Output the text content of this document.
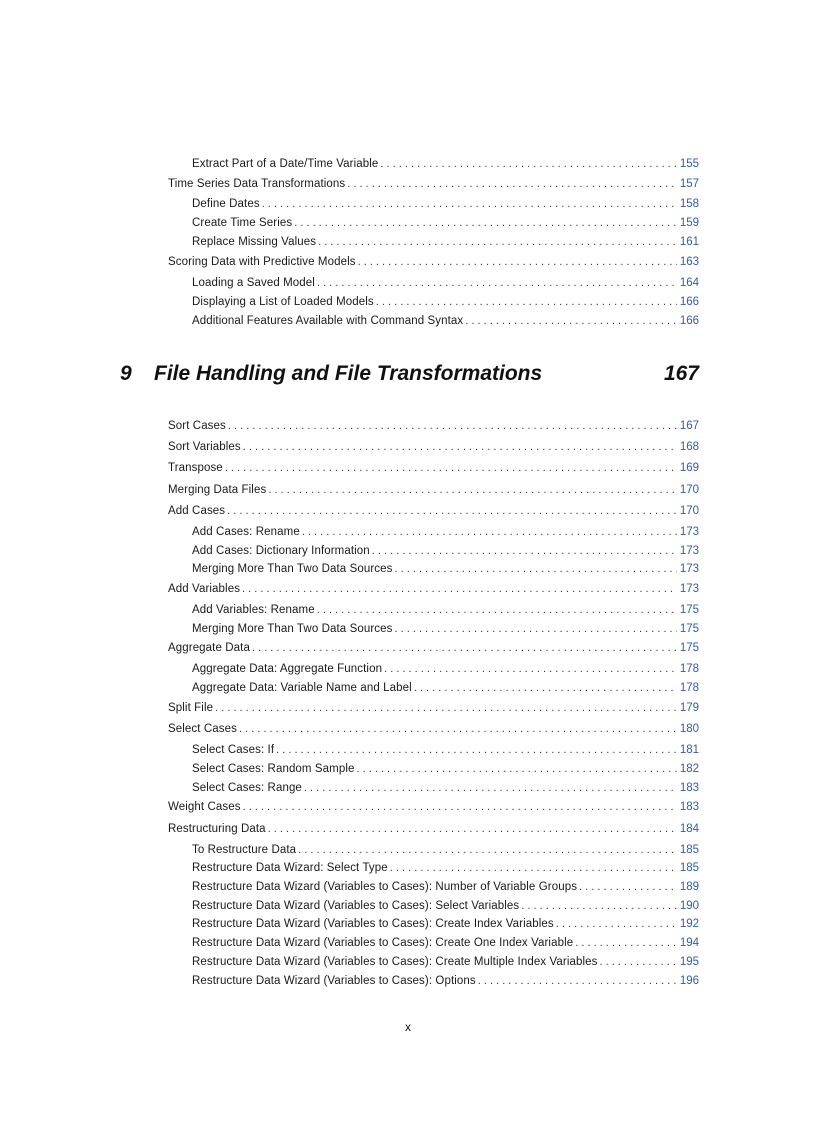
Extract Part of a Date/Time Variable . . .	155
Time Series Data Transformations . . .	157
Define Dates . . .	158
Create Time Series . . .	159
Replace Missing Values . . .	161
Scoring Data with Predictive Models . . .	163
Loading a Saved Model . . .	164
Displaying a List of Loaded Models . . .	166
Additional Features Available with Command Syntax . . .	166
9	File Handling and File Transformations	167
Sort Cases . . .	167
Sort Variables . . .	168
Transpose . . .	169
Merging Data Files . . .	170
Add Cases . . .	170
Add Cases: Rename . . .	173
Add Cases: Dictionary Information . . .	173
Merging More Than Two Data Sources . . .	173
Add Variables . . .	173
Add Variables: Rename . . .	175
Merging More Than Two Data Sources . . .	175
Aggregate Data . . .	175
Aggregate Data: Aggregate Function . . .	178
Aggregate Data: Variable Name and Label . . .	178
Split File . . .	179
Select Cases . . .	180
Select Cases: If . . .	181
Select Cases: Random Sample . . .	182
Select Cases: Range . . .	183
Weight Cases . . .	183
Restructuring Data . . .	184
To Restructure Data . . .	185
Restructure Data Wizard: Select Type . . .	185
Restructure Data Wizard (Variables to Cases): Number of Variable Groups . . .	189
Restructure Data Wizard (Variables to Cases): Select Variables . . .	190
Restructure Data Wizard (Variables to Cases): Create Index Variables . . .	192
Restructure Data Wizard (Variables to Cases): Create One Index Variable . . .	194
Restructure Data Wizard (Variables to Cases): Create Multiple Index Variables . . .	195
Restructure Data Wizard (Variables to Cases): Options . . .	196
x
